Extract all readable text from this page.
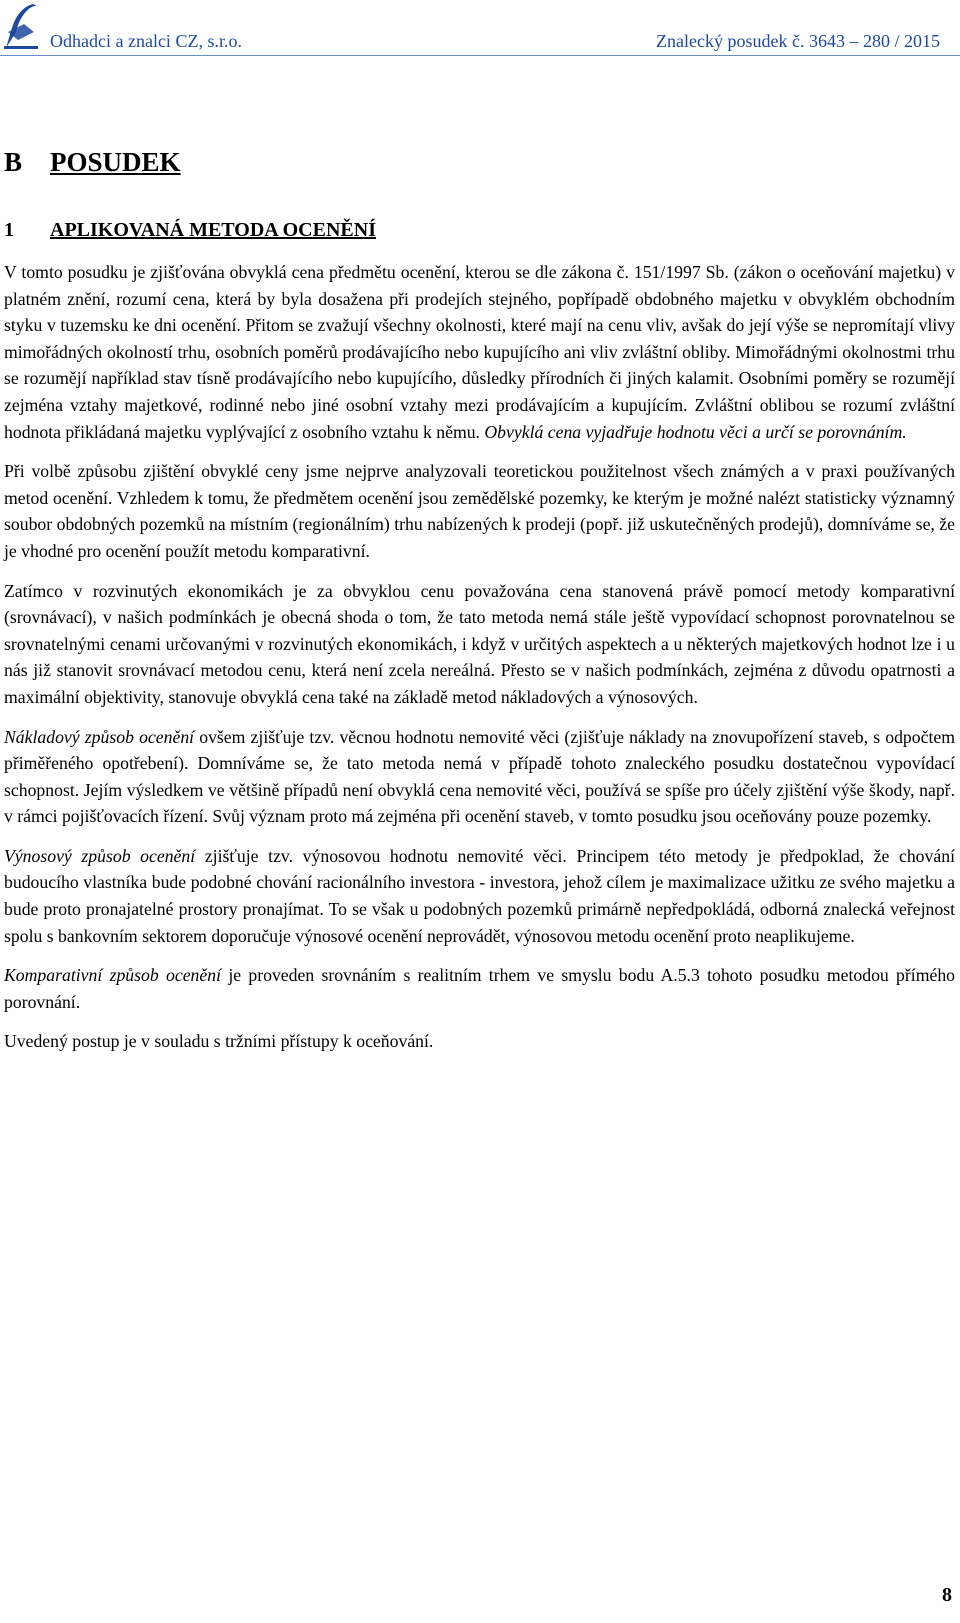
Odhadci a znalci CZ, s.r.o.	Znalecký posudek č. 3643 – 280 / 2015
B POSUDEK
1 APLIKOVANÁ METODA OCENĚNÍ

V tomto posudku je zjišťována obvyklá cena předmětu ocenění, kterou se dle zákona č. 151/1997 Sb. (zákon o oceňování majetku) v platném znění, rozumí cena, která by byla dosažena při prodejích stejného, popřípadě obdobného majetku v obvyklém obchodním styku v tuzemsku ke dni ocenění. Přitom se zvažují všechny okolnosti, které mají na cenu vliv, avšak do její výše se nepromítají vlivy mimořádných okolností trhu, osobních poměrů prodávajícího nebo kupujícího ani vliv zvláštní obliby. Mimořádnými okolnostmi trhu se rozumějí například stav tísně prodávajícího nebo kupujícího, důsledky přírodních či jiných kalamit. Osobními poměry se rozumějí zejména vztahy majetkové, rodinné nebo jiné osobní vztahy mezi prodávajícím a kupujícím. Zvláštní oblibou se rozumí zvláštní hodnota přikládaná majetku vyplývající z osobního vztahu k němu. Obvyklá cena vyjadřuje hodnotu věci a určí se porovnáním.

Při volbě způsobu zjištění obvyklé ceny jsme nejprve analyzovali teoretickou použitelnost všech známých a v praxi používaných metod ocenění. Vzhledem k tomu, že předmětem ocenění jsou zemědělské pozemky, ke kterým je možné nalézt statisticky významný soubor obdobných pozemků na místním (regionálním) trhu nabízených k prodeji (popř. již uskutečněných prodejů), domníváme se, že je vhodné pro ocenění použít metodu komparativní.

Zatímco v rozvinutých ekonomikách je za obvyklou cenu považována cena stanovená právě pomocí metody komparativní (srovnávací), v našich podmínkách je obecná shoda o tom, že tato metoda nemá stále ještě vypovídací schopnost porovnatelnou se srovnatelnými cenami určovanými v rozvinutých ekonomikách, i když v určitých aspektech a u některých majetkových hodnot lze i u nás již stanovit srovnávací metodou cenu, která není zcela nereálná. Přesto se v našich podmínkách, zejména z důvodu opatrnosti a maximální objektivity, stanovuje obvyklá cena také na základě metod nákladových a výnosových.

Nákladový způsob ocenění ovšem zjišťuje tzv. věcnou hodnotu nemovité věci (zjišťuje náklady na znovupořízení staveb, s odpočtem přiměřeného opotřebení). Domníváme se, že tato metoda nemá v případě tohoto znaleckého posudku dostatečnou vypovídací schopnost. Jejím výsledkem ve většině případů není obvyklá cena nemovité věci, používá se spíše pro účely zjištění výše škody, např. v rámci pojišťovacích řízení. Svůj význam proto má zejména při ocenění staveb, v tomto posudku jsou oceňovány pouze pozemky.

Výnosový způsob ocenění zjišťuje tzv. výnosovou hodnotu nemovité věci. Principem této metody je předpoklad, že chování budoucího vlastníka bude podobné chování racionálního investora - investora, jehož cílem je maximalizace užitku ze svého majetku a bude proto pronajatelné prostory pronajímat. To se však u podobných pozemků primárně nepředpokládá, odborná znalecká veřejnost spolu s bankovním sektorem doporučuje výnosové ocenění neprovádět, výnosovou metodu ocenění proto neaplikujeme.

Komparativní způsob ocenění je proveden srovnáním s realitním trhem ve smyslu bodu A.5.3 tohoto posudku metodou přímého porovnání.

Uvedený postup je v souladu s tržními přístupy k oceňování.

8
